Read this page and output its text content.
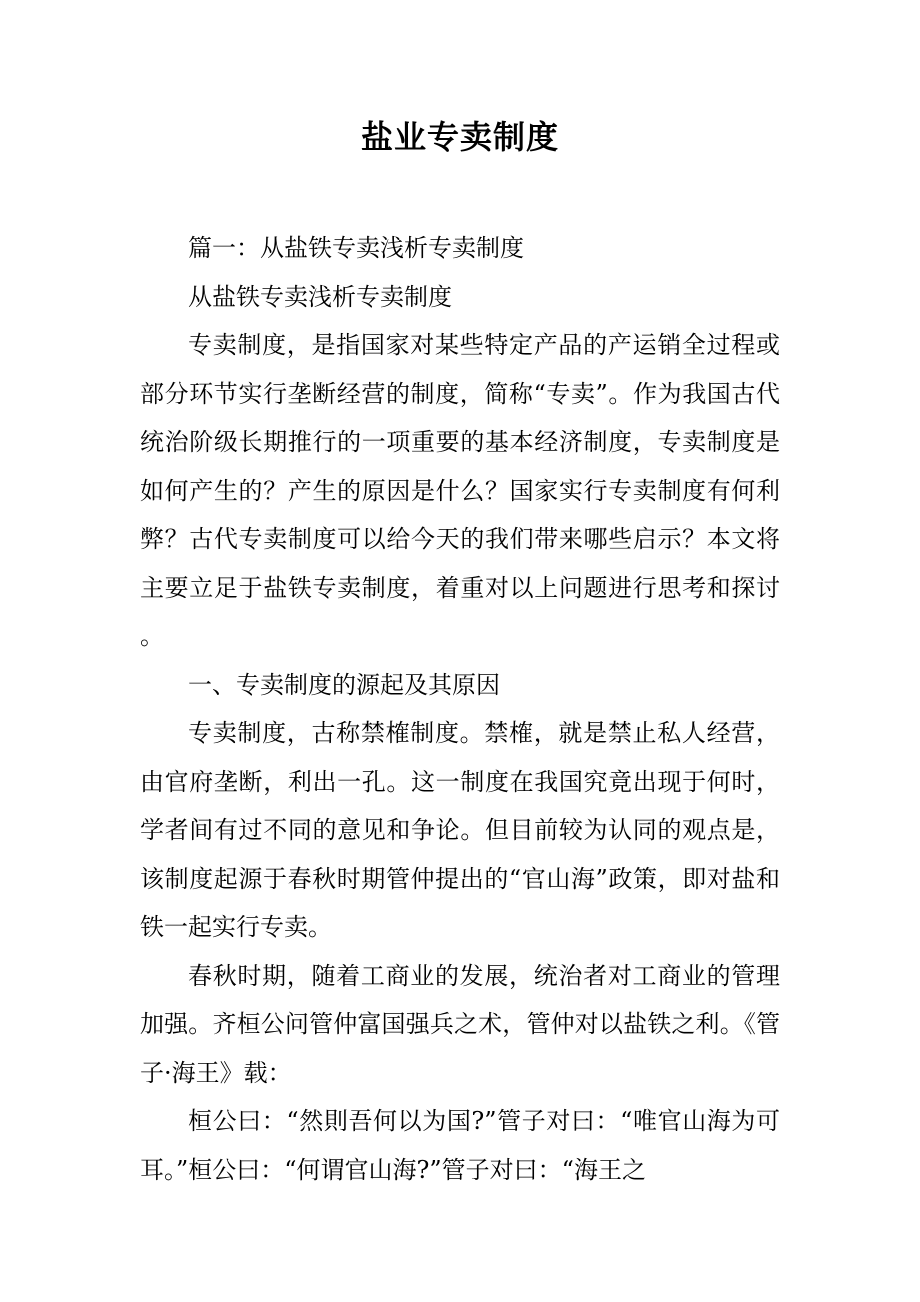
盐业专卖制度

篇一：从盐铁专卖浅析专卖制度

从盐铁专卖浅析专卖制度

专卖制度，是指国家对某些特定产品的产运销全过程或部分环节实行垄断经营的制度，简称“专卖”。作为我国古代统治阶级长期推行的一项重要的基本经济制度，专卖制度是如何产生的？产生的原因是什么？国家实行专卖制度有何利弊？古代专卖制度可以给今天的我们带来哪些启示？本文将主要立足于盐铁专卖制度，着重对以上问题进行思考和探讨。

一、专卖制度的源起及其原因

专卖制度，古称禁榷制度。禁榷，就是禁止私人经营，由官府垄断，利出一孔。这一制度在我国究竟出现于何时，学者间有过不同的意见和争论。但目前较为认同的观点是，该制度起源于春秋时期管仲提出的“官山海”政策，即对盐和铁一起实行专卖。

春秋时期，随着工商业的发展，统治者对工商业的管理加强。齐桓公问管仲富国强兵之术，管仲对以盐铁之利。《管子·海王》载：

桓公曰：“然則吾何以为国?”管子对曰：“唯官山海为可耳。”桓公曰：“何谓官山海?”管子对曰：“海王之
